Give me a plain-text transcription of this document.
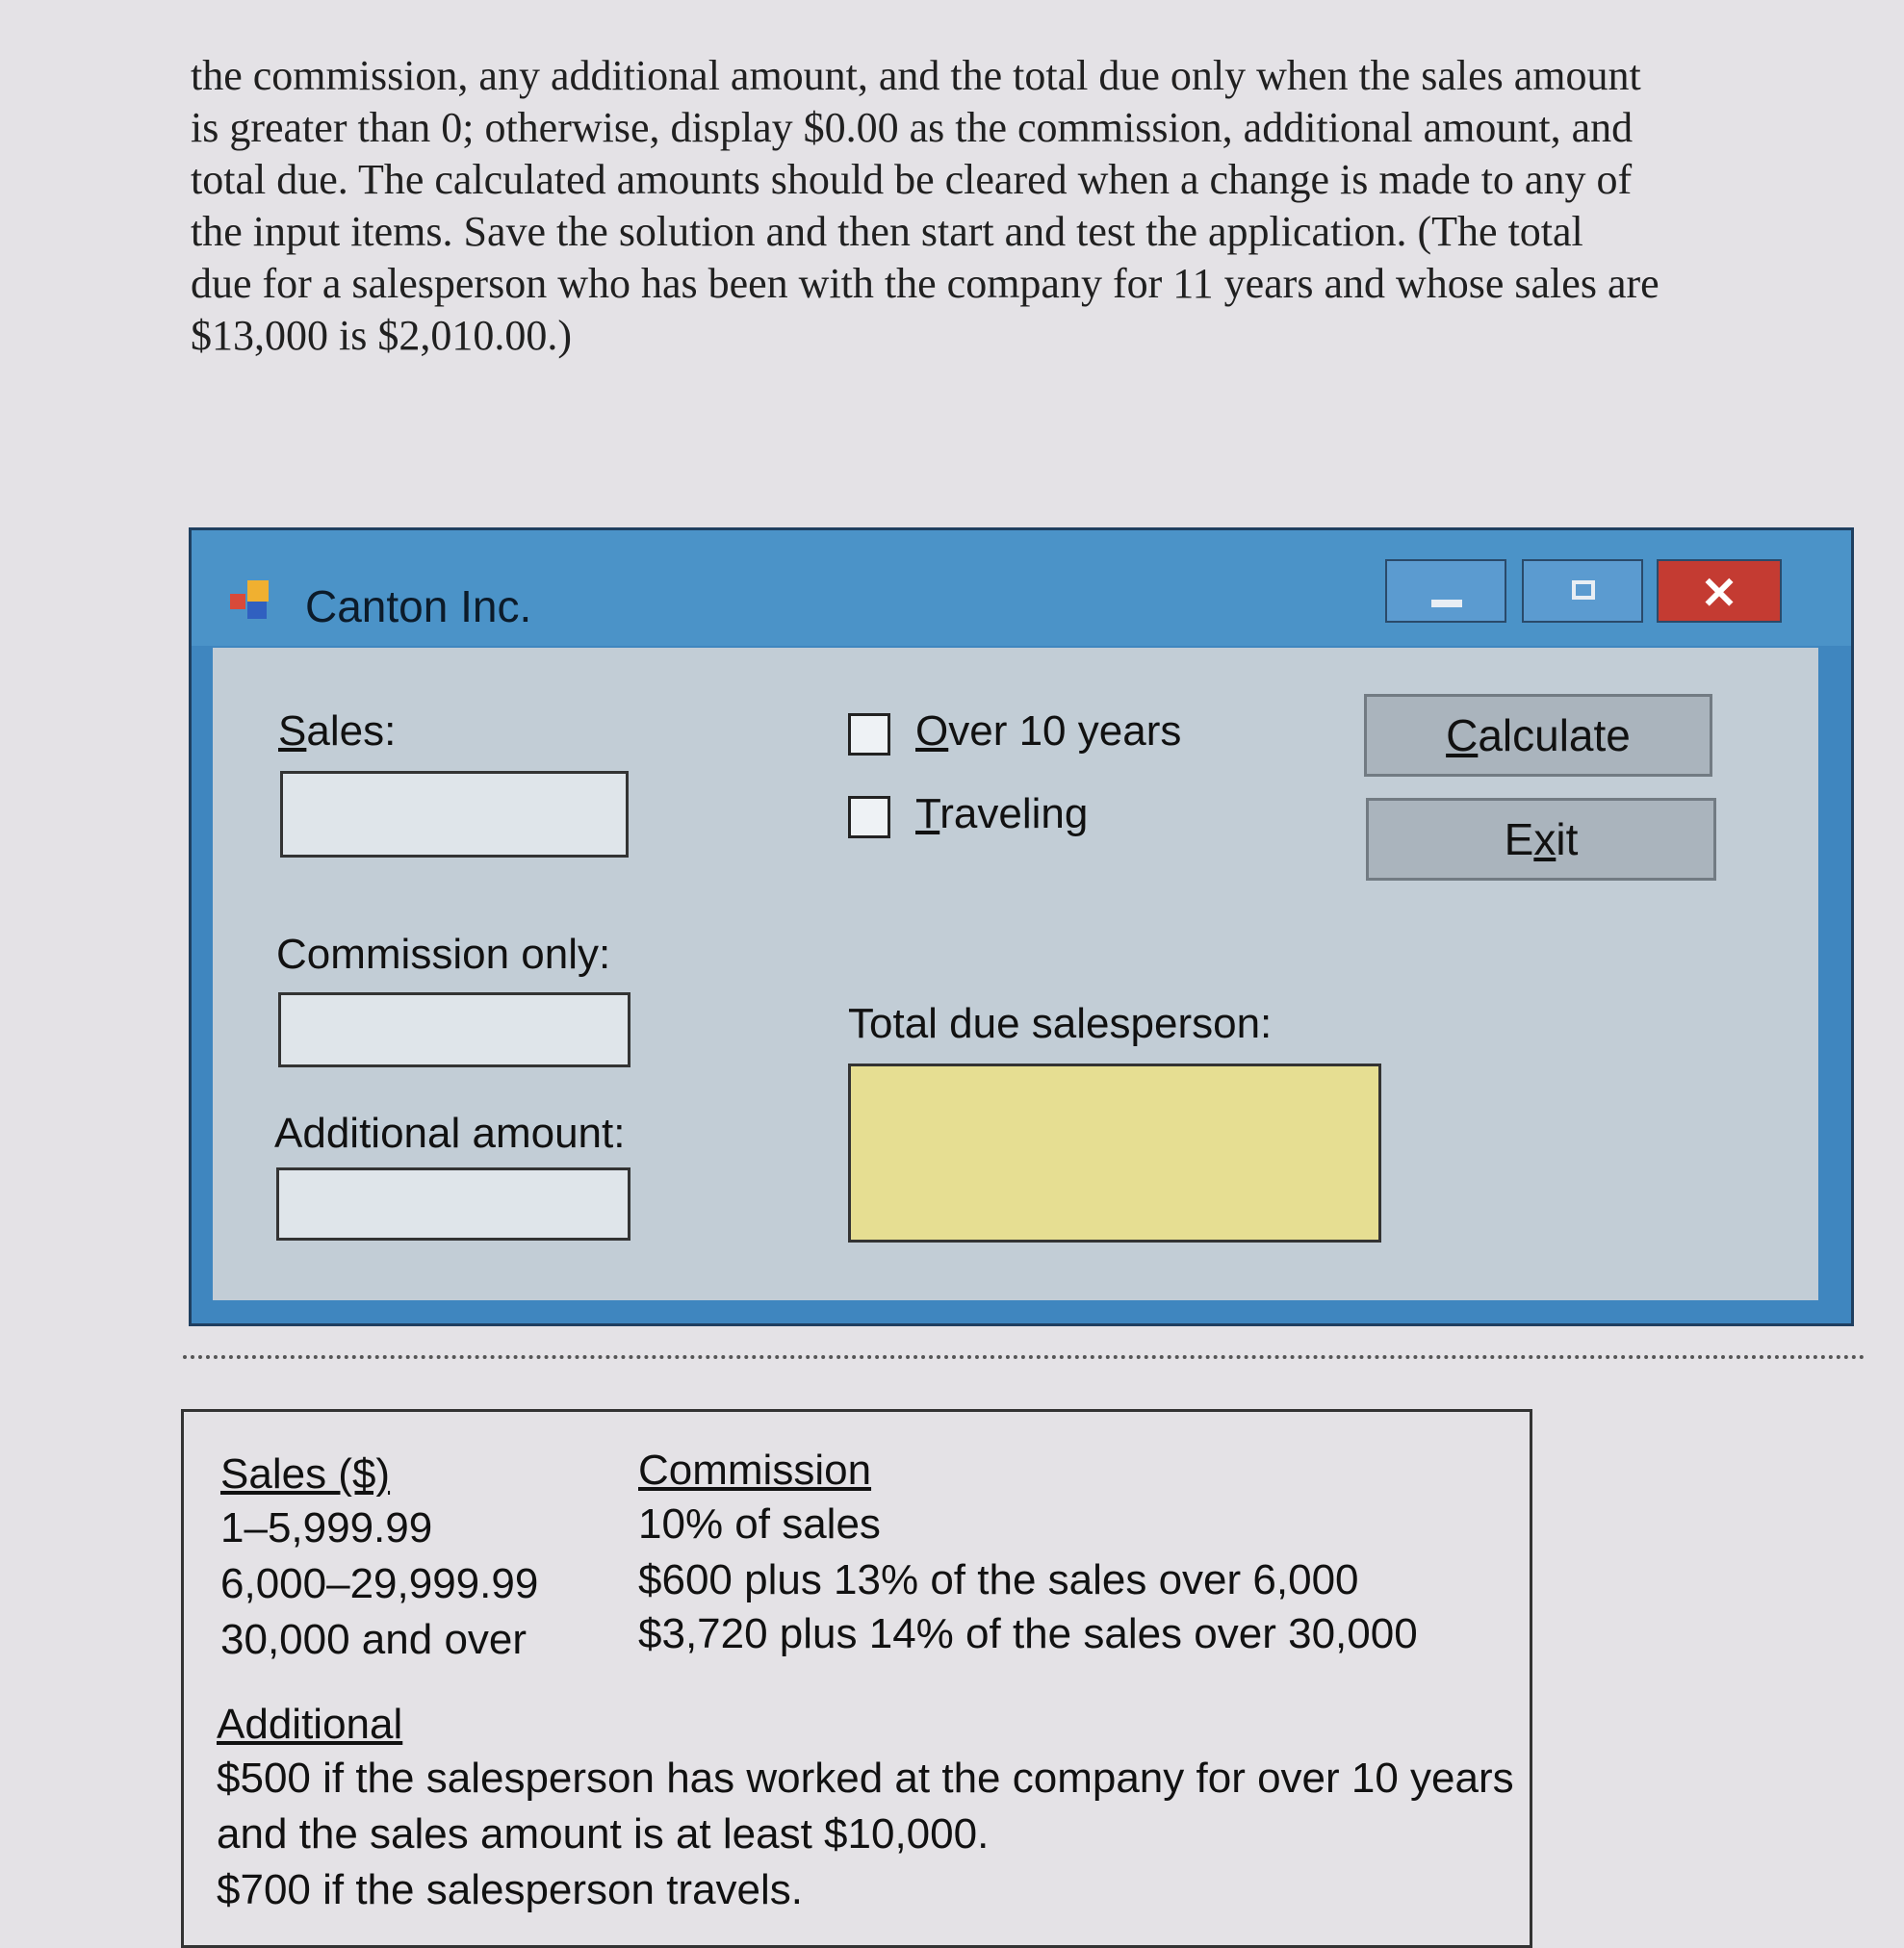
the commission, any additional amount, and the total due only when the sales amount

is greater than 0; otherwise, display $0.00 as the commission, additional amount, and

total due. The calculated amounts should be cleared when a change is made to any of

the input items. Save the solution and then start and test the application. (The total

due for a salesperson who has been with the company for 11 years and whose sales are

$13,000 is $2,010.00.)

Canton Inc.	✕
Sales:
Commission only:
Additional amount:
Over 10 years
Traveling
Total due salesperson:
Calculate
Exit
Sales ($)	Commission
1–5,999.99	10% of sales
6,000–29,999.99 $600 plus 13% of the sales over 6,000
30,000 and over	$3,720 plus 14% of the sales over 30,000
Additional
$500 if the salesperson has worked at the company for over 10 years
and the sales amount is at least $10,000.
$700 if the salesperson travels.
